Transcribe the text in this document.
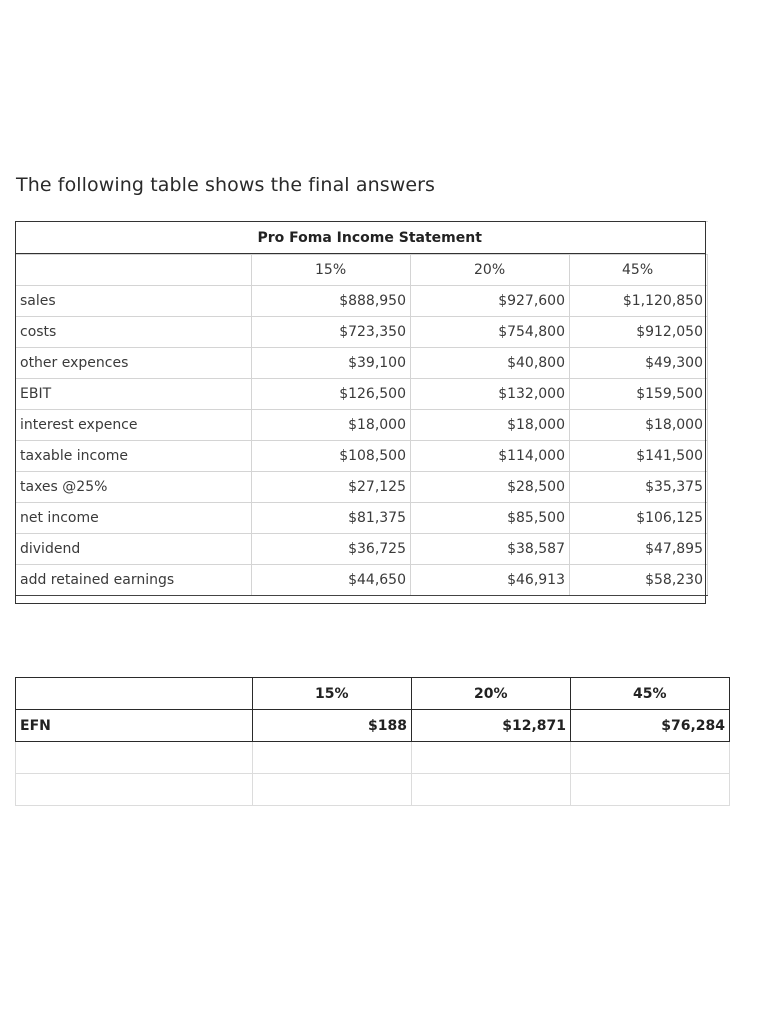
The following table shows the final answers
	Pro Foma Income Statement		
	15%	20%	45%
sales	$888,950	$927,600	$1,120,850
costs	$723,350	$754,800	$912,050
other expences	$39,100	$40,800	$49,300
EBIT	$126,500	$132,000	$159,500
interest expence	$18,000	$18,000	$18,000
taxable income	$108,500	$114,000	$141,500
taxes @25%	$27,125	$28,500	$35,375
net income	$81,375	$85,500	$106,125
dividend	$36,725	$38,587	$47,895
add retained earnings	$44,650	$46,913	$58,230
	15%	20%	45%
EFN	$188	$12,871	$76,284
